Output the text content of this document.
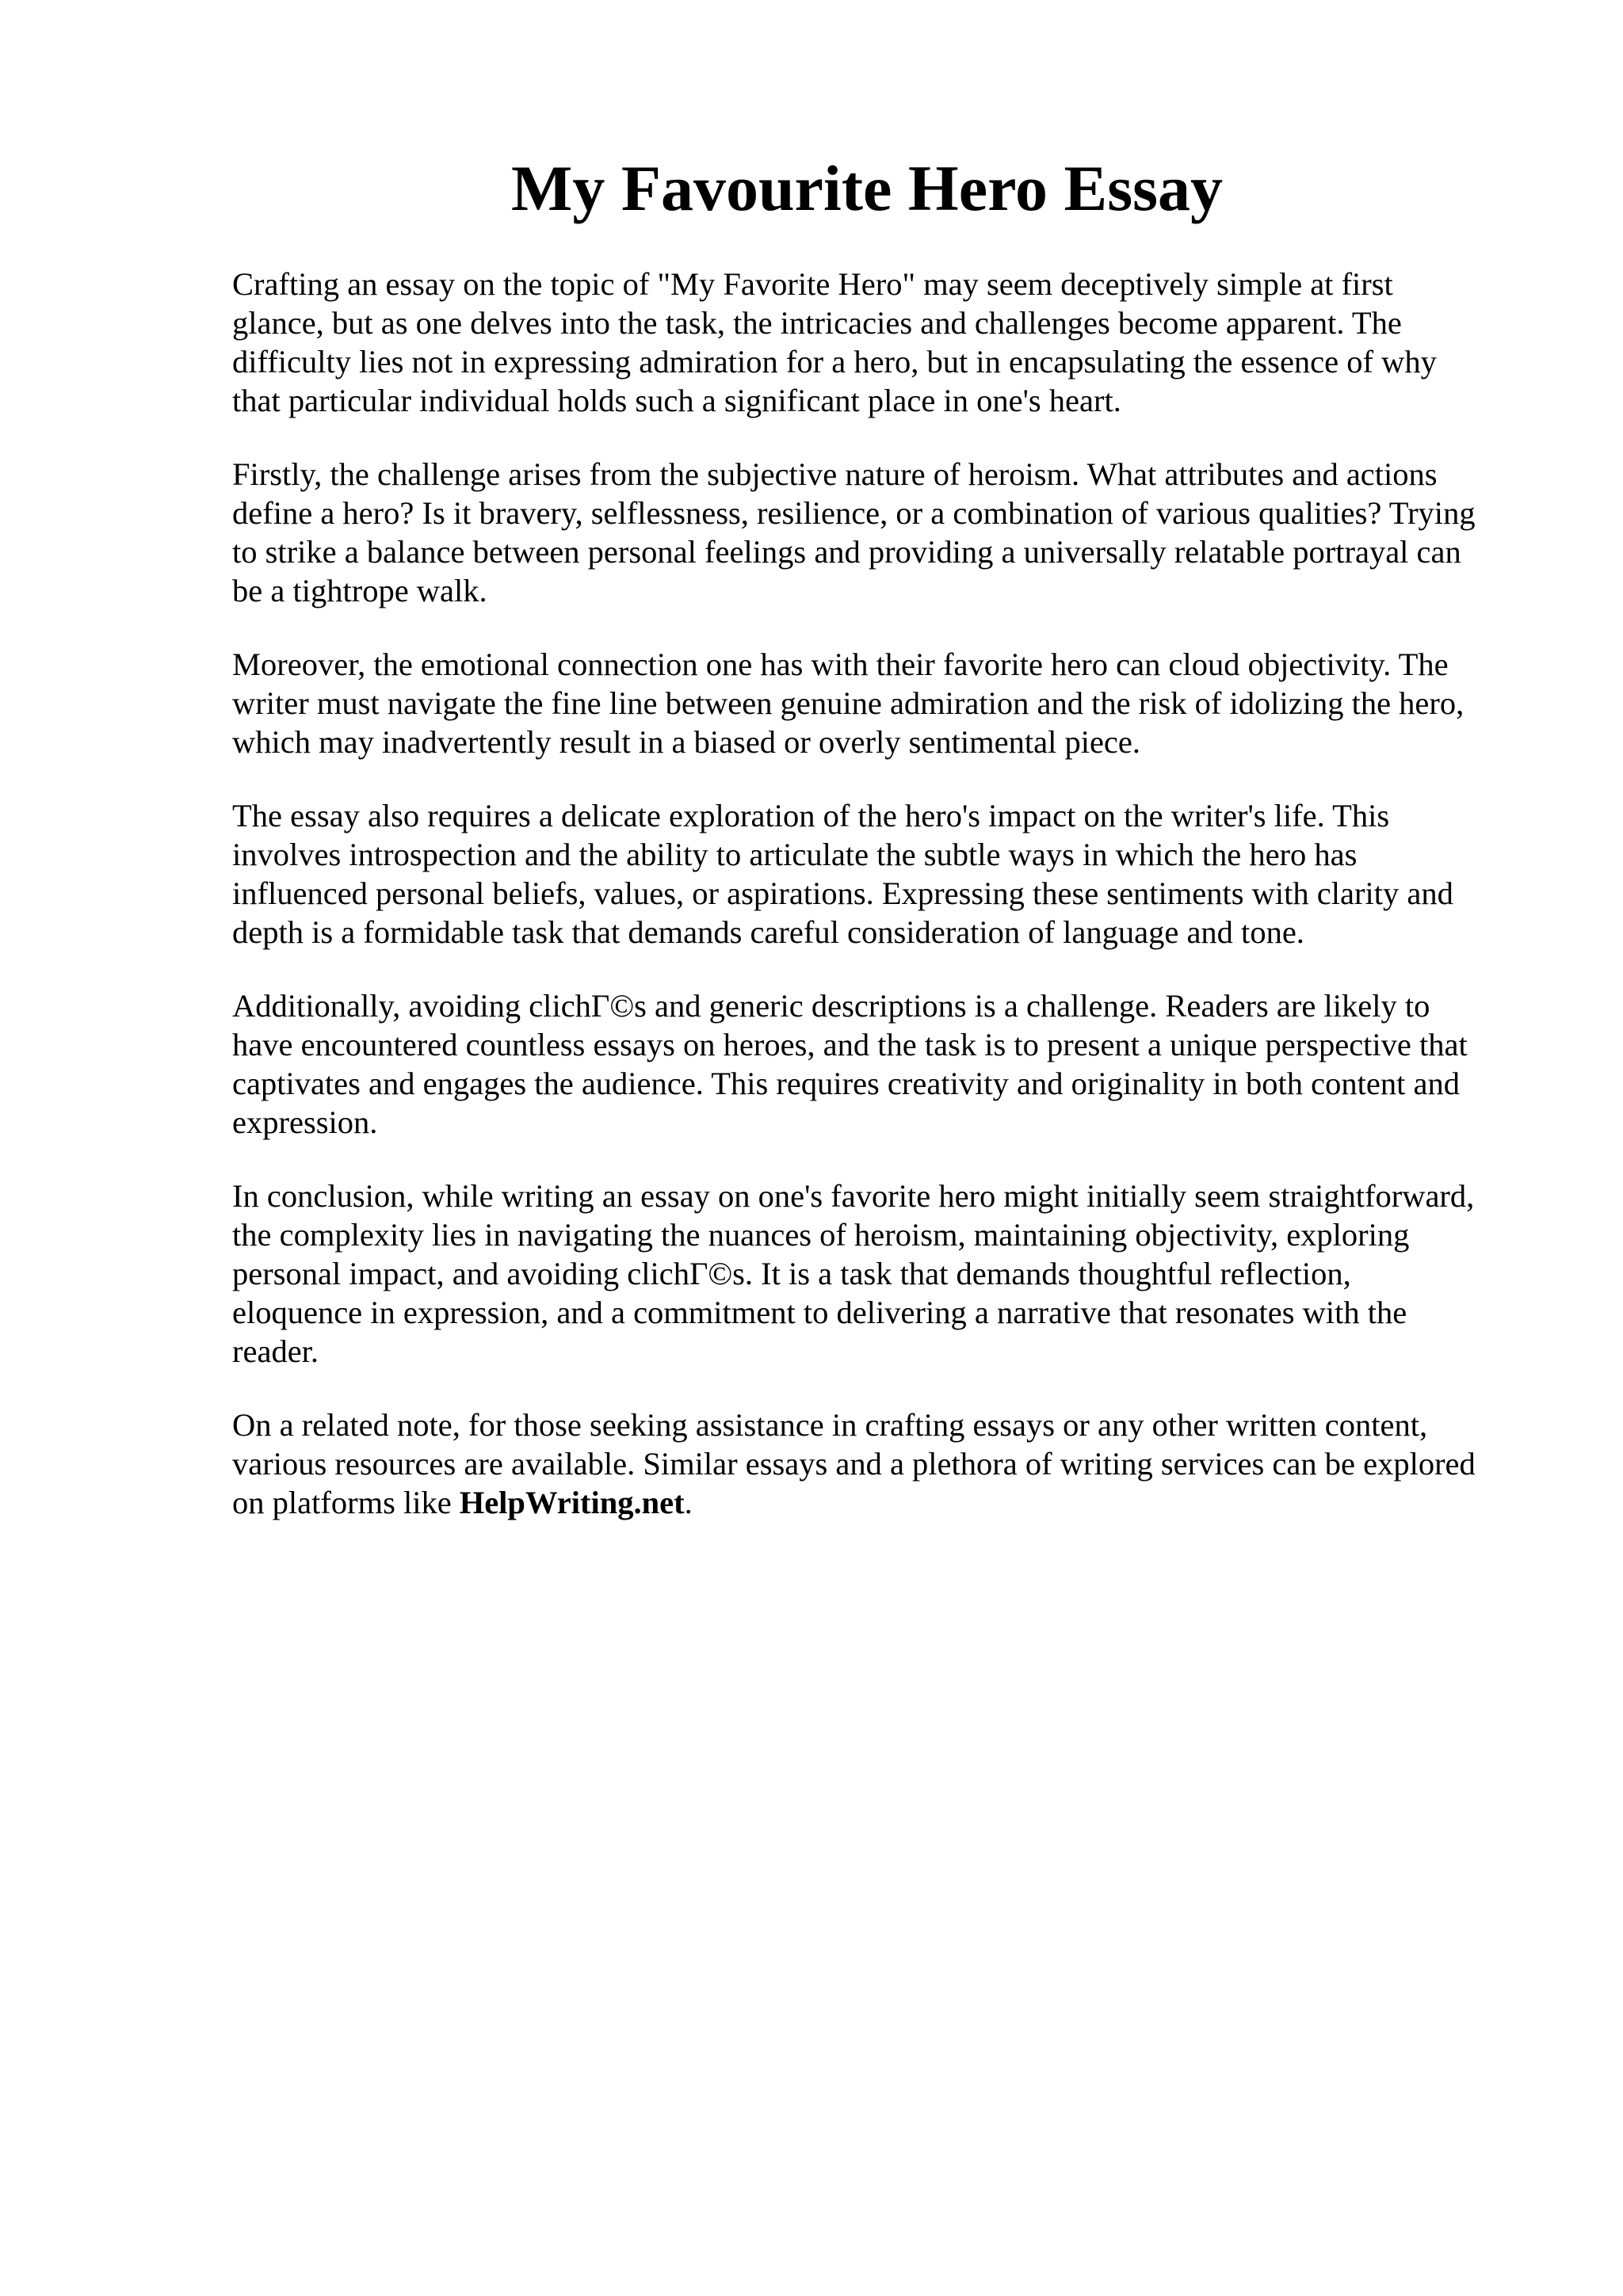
My Favourite Hero Essay

Crafting an essay on the topic of "My Favorite Hero" may seem deceptively simple at first
glance, but as one delves into the task, the intricacies and challenges become apparent. The
difficulty lies not in expressing admiration for a hero, but in encapsulating the essence of why
that particular individual holds such a significant place in one's heart.

Firstly, the challenge arises from the subjective nature of heroism. What attributes and actions
define a hero? Is it bravery, selflessness, resilience, or a combination of various qualities? Trying
to strike a balance between personal feelings and providing a universally relatable portrayal can
be a tightrope walk.

Moreover, the emotional connection one has with their favorite hero can cloud objectivity. The
writer must navigate the fine line between genuine admiration and the risk of idolizing the hero,
which may inadvertently result in a biased or overly sentimental piece.

The essay also requires a delicate exploration of the hero's impact on the writer's life. This
involves introspection and the ability to articulate the subtle ways in which the hero has
influenced personal beliefs, values, or aspirations. Expressing these sentiments with clarity and
depth is a formidable task that demands careful consideration of language and tone.

Additionally, avoiding clichΓ©s and generic descriptions is a challenge. Readers are likely to
have encountered countless essays on heroes, and the task is to present a unique perspective that
captivates and engages the audience. This requires creativity and originality in both content and
expression.

In conclusion, while writing an essay on one's favorite hero might initially seem straightforward,
the complexity lies in navigating the nuances of heroism, maintaining objectivity, exploring
personal impact, and avoiding clichΓ©s. It is a task that demands thoughtful reflection,
eloquence in expression, and a commitment to delivering a narrative that resonates with the
reader.

On a related note, for those seeking assistance in crafting essays or any other written content,
various resources are available. Similar essays and a plethora of writing services can be explored
on platforms like HelpWriting.net.
